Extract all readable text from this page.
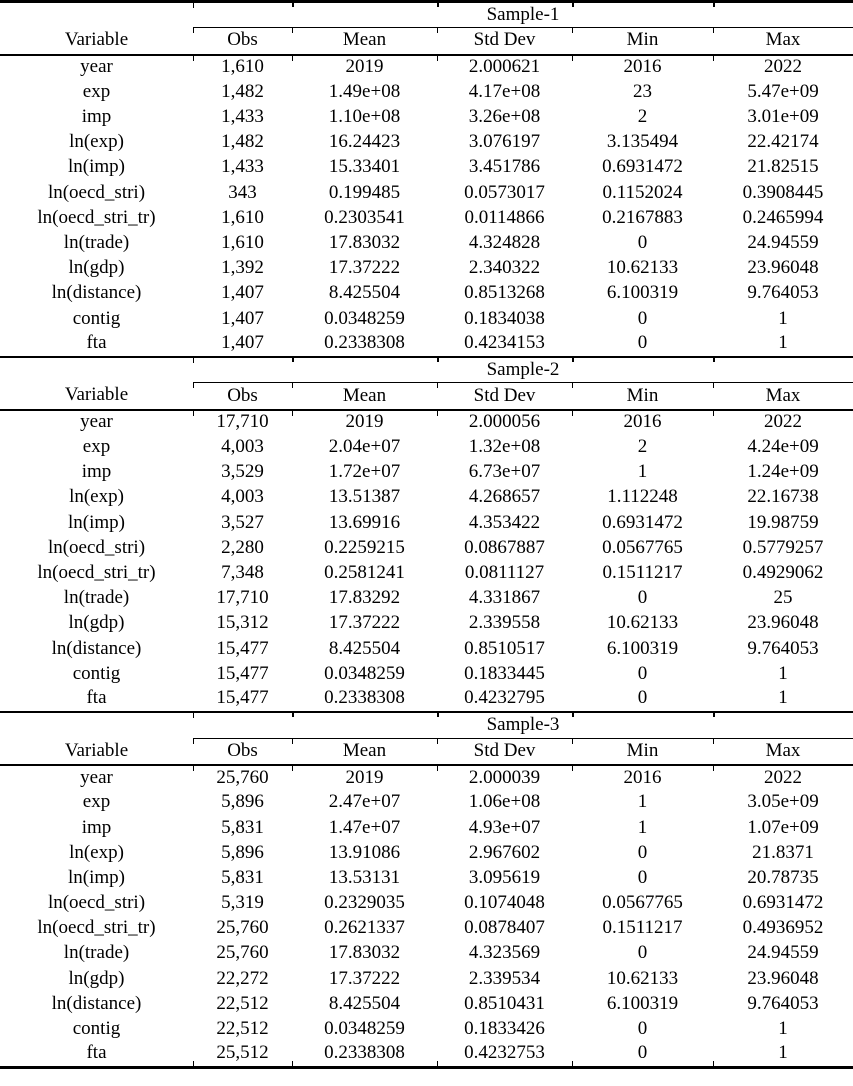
	Sample-1				

Variable	Obs	Mean	Std Dev	Min	Max
year	1,610	2019	2.000621	2016	2022
exp	1,482	1.49e+08	4.17e+08	23	5.47e+09
imp	1,433	1.10e+08	3.26e+08	2	3.01e+09
ln(exp)	1,482	16.24423	3.076197	3.135494	22.42174
ln(imp)	1,433	15.33401	3.451786	0.6931472	21.82515
ln(oecd_stri)	343	0.199485	0.0573017	0.1152024	0.3908445
ln(oecd_stri_tr)	1,610	0.2303541	0.0114866	0.2167883	0.2465994
ln(trade)	1,610	17.83032	4.324828	0	24.94559
ln(gdp)	1,392	17.37222	2.340322	10.62133	23.96048
ln(distance)	1,407	8.425504	0.8513268	6.100319	9.764053
contig	1,407	0.0348259	0.1834038	0	1
fta	1,407	0.2338308	0.4234153	0	1
	Sample-2				

Variable	Obs	Mean	Std Dev	Min	Max
year	17,710	2019	2.000056	2016	2022
exp	4,003	2.04e+07	1.32e+08	2	4.24e+09
imp	3,529	1.72e+07	6.73e+07	1	1.24e+09
ln(exp)	4,003	13.51387	4.268657	1.112248	22.16738
ln(imp)	3,527	13.69916	4.353422	0.6931472	19.98759
ln(oecd_stri)	2,280	0.2259215	0.0867887	0.0567765	0.5779257
ln(oecd_stri_tr)	7,348	0.2581241	0.0811127	0.1511217	0.4929062
ln(trade)	17,710	17.83292	4.331867	0	25
ln(gdp)	15,312	17.37222	2.339558	10.62133	23.96048
ln(distance)	15,477	8.425504	0.8510517	6.100319	9.764053
contig	15,477	0.0348259	0.1833445	0	1
fta	15,477	0.2338308	0.4232795	0	1
	Sample-3				

Variable	Obs	Mean	Std Dev	Min	Max
year	25,760	2019	2.000039	2016	2022
exp	5,896	2.47e+07	1.06e+08	1	3.05e+09
imp	5,831	1.47e+07	4.93e+07	1	1.07e+09
ln(exp)	5,896	13.91086	2.967602	0	21.8371
ln(imp)	5,831	13.53131	3.095619	0	20.78735
ln(oecd_stri)	5,319	0.2329035	0.1074048	0.0567765	0.6931472
ln(oecd_stri_tr)	25,760	0.2621337	0.0878407	0.1511217	0.4936952
ln(trade)	25,760	17.83032	4.323569	0	24.94559
ln(gdp)	22,272	17.37222	2.339534	10.62133	23.96048
ln(distance)	22,512	8.425504	0.8510431	6.100319	9.764053
contig	22,512	0.0348259	0.1833426	0	1
fta	25,512	0.2338308	0.4232753	0	1
